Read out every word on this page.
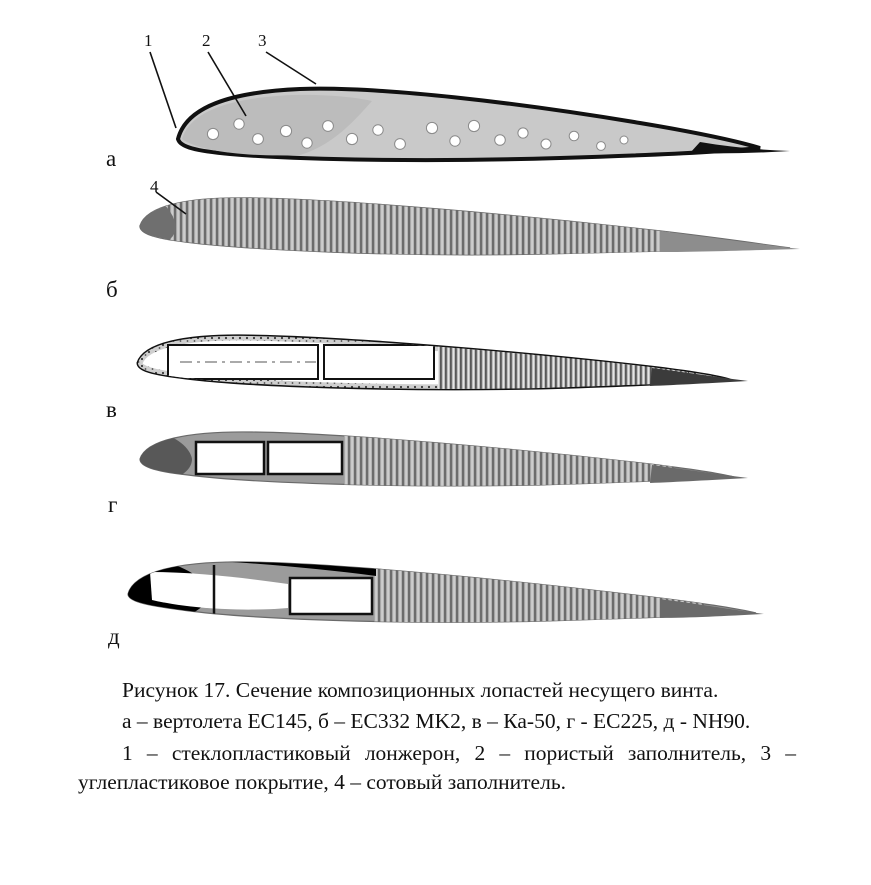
1	2	3
4
а
б
в
г
д

Рисунок 17. Сечение композиционных лопастей несущего винта.

а – вертолета EC145, б – EC332 MK2, в – Ка-50, г - EC225, д - NH90.

1 – стеклопластиковый лонжерон, 2 – пористый заполнитель, 3 – углепластиковое покрытие, 4 – сотовый заполнитель.
